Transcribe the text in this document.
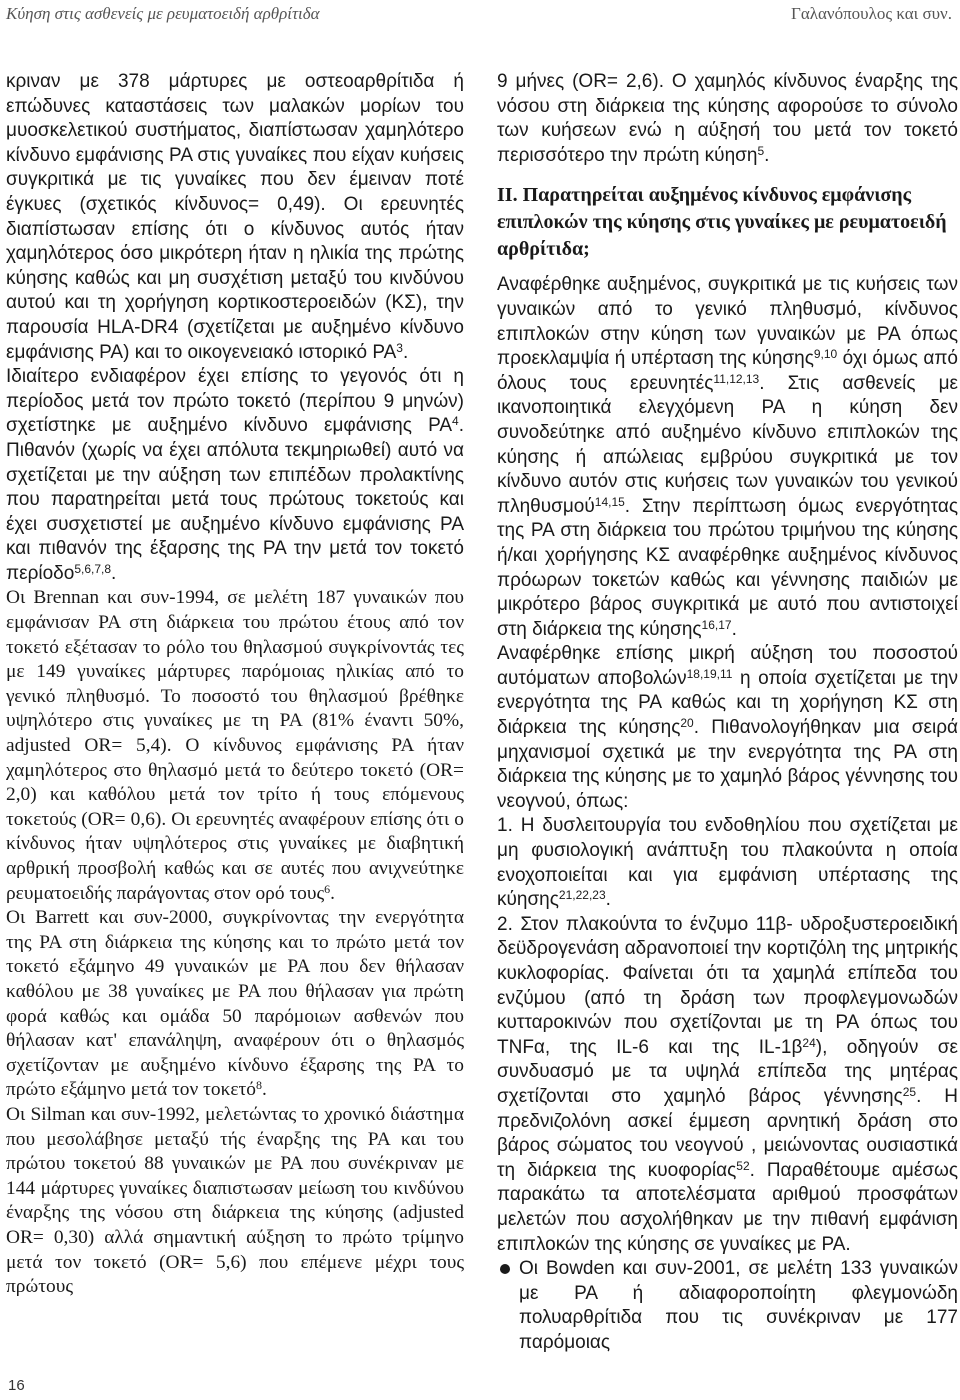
Κύηση στις ασθενείς με ρευματοειδή αρθρίτιδα	Γαλανόπουλος και συν.

κριναν με 378 μάρτυρες με οστεοαρθρίτιδα ή επώδυνες καταστάσεις των μαλακών μορίων του μυοσκελετικού συστήματος, διαπίστωσαν χαμηλότερο κίνδυνο εμφάνισης ΡΑ στις γυναίκες που είχαν κυήσεις συγκριτικά με τις γυναίκες που δεν έμειναν ποτέ έγκυες (σχετικός κίνδυνος= 0,49). Οι ερευνητές διαπίστωσαν επίσης ότι ο κίνδυνος αυτός ήταν χαμηλότερος όσο μικρότερη ήταν η ηλικία της πρώτης κύησης καθώς και μη συσχέτιση μεταξύ του κινδύνου αυτού και τη χορήγηση κορτικοστεροειδών (ΚΣ), την παρουσία HLA-DR4 (σχετίζεται με αυξημένο κίνδυνο εμφάνισης ΡΑ) και το οικογενειακό ιστορικό $PA^3$.

Ιδιαίτερο ενδιαφέρον έχει επίσης το γεγονός ότι η περίοδος μετά τον πρώτο τοκετό (περίπου 9 μηνών) σχετίστηκε με αυξημένο κίνδυνο εμφάνισης $PA^4$. Πιθανόν (χωρίς να έχει απόλυτα τεκμηριωθεί) αυτό να σχετίζεται με την αύξηση των επιπέδων προλακτίνης που παρατηρείται μετά τους πρώτους τοκετούς και έχει συσχετιστεί με αυξημένο κίνδυνο εμφάνισης ΡΑ και πιθανόν της έξαρσης της ΡΑ την μετά τον τοκετό περίοδο$^{5,6,7,8}$.

Οι Brennan και συν-1994, σε μελέτη 187 γυναικών που εμφάνισαν ΡΑ στη διάρκεια του πρώτου έτους από τον τοκετό εξέτασαν το ρόλο του θηλασμού συγκρίνοντάς τες με 149 γυναίκες μάρτυρες παρόμοιας ηλικίας από το γενικό πληθυσμό. Το ποσοστό του θηλασμού βρέθηκε υψηλότερο στις γυναίκες με τη ΡΑ (81% έναντι 50%, adjusted OR= 5,4). Ο κίνδυνος εμφάνισης ΡΑ ήταν χαμηλότερος στο θηλασμό μετά το δεύτερο τοκετό (OR= 2,0) και καθόλου μετά τον τρίτο ή τους επόμενους τοκετούς (OR= 0,6). Οι ερευνητές αναφέρουν επίσης ότι ο κίνδυνος ήταν υψηλότερος στις γυναίκες με διαβητική αρθρική προσβολή καθώς και σε αυτές που ανιχνεύτηκε ρευματοειδής παράγοντας στον ορό τους$^6$.

Οι Barrett και συν-2000, συγκρίνοντας την ενεργότητα της ΡΑ στη διάρκεια της κύησης και το πρώτο μετά τον τοκετό εξάμηνο 49 γυναικών με ΡΑ που δεν θήλασαν καθόλου με 38 γυναίκες με ΡΑ που θήλασαν για πρώτη φορά καθώς και ομάδα 50 παρόμοιων ασθενών που θήλασαν κατ' επανάληψη, αναφέρουν ότι ο θηλασμός σχετίζονταν με αυξημένο κίνδυνο έξαρσης της ΡΑ το πρώτο εξάμηνο μετά τον τοκετό$^8$.

Οι Silman και συν-1992, μελετώντας το χρονικό διάστημα που μεσολάβησε μεταξύ τής έναρξης της ΡΑ και του πρώτου τοκετού 88 γυναικών με ΡΑ που συνέκριναν με 144 μάρτυρες γυναίκες διαπιστωσαν μείωση του κινδύνου έναρξης της νόσου στη διάρκεια της κύησης (adjusted OR= 0,30) αλλά σημαντική αύξηση το πρώτο τρίμηνο μετά τον τοκετό (OR= 5,6) που επέμενε μέχρι τους πρώτους

9 μήνες (OR= 2,6). Ο χαμηλός κίνδυνος έναρξης της νόσου στη διάρκεια της κύησης αφορούσε το σύνολο των κυήσεων ενώ η αύξησή του μετά τον τοκετό περισσότερο την πρώτη κύηση$^5$.

ΙΙ. Παρατηρείται αυξημένος κίνδυνος εμφάνισης επιπλοκών της κύησης στις γυναίκες με ρευματοειδή αρθρίτιδα;

Αναφέρθηκε αυξημένος, συγκριτικά με τις κυήσεις των γυναικών από το γενικό πληθυσμό, κίνδυνος επιπλοκών στην κύηση των γυναικών με ΡΑ όπως προεκλαμψία ή υπέρταση της κύησης$^{9,10}$ όχι όμως από όλους τους ερευνητές$^{11,12,13}$. Στις ασθενείς με ικανοποιητικά ελεγχόμενη ΡΑ η κύηση δεν συνοδεύτηκε από αυξημένο κίνδυνο επιπλοκών της κύησης ή απώλειας εμβρύου συγκριτικά με τον κίνδυνο αυτόν στις κυήσεις των γυναικών του γενικού πληθυσμού$^{14,15}$. Στην περίπτωση όμως ενεργότητας της ΡΑ στη διάρκεια του πρώτου τριμήνου της κύησης ή/και χορήγησης ΚΣ αναφέρθηκε αυξημένος κίνδυνος πρόωρων τοκετών καθώς και γέννησης παιδιών με μικρότερο βάρος συγκριτικά με αυτό που αντιστοιχεί στη διάρκεια της κύησης$^{16,17}$.

Αναφέρθηκε επίσης μικρή αύξηση του ποσοστού αυτόματων αποβολών$^{18,19,11}$ η οποία σχετίζεται με την ενεργότητα της ΡΑ καθώς και τη χορήγηση ΚΣ στη διάρκεια της κύησης$^{20}$. Πιθανολογήθηκαν μια σειρά μηχανισμοί σχετικά με την ενεργότητα της ΡΑ στη διάρκεια της κύησης με το χαμηλό βάρος γέννησης του νεογνού, όπως:

1. Η δυσλειτουργία του ενδοθηλίου που σχετίζεται με μη φυσιολογική ανάπτυξη του πλακούντα η οποία ενοχοποιείται και για εμφάνιση υπέρτασης της κύησης$^{21,22,23}$.

2. Στον πλακούντα το ένζυμο 11β- υδροξυστεροειδική δεϋδρογενάση αδρανοποιεί την κορτιζόλη της μητρικής κυκλοφορίας. Φαίνεται ότι τα χαμηλά επίπεδα του ενζύμου (από τη δράση των προφλεγμονωδών κυτταροκινών που σχετίζονται με τη ΡΑ όπως του TNFα, της IL-6 και της $IL-1\beta^{24}$), οδηγούν σε συνδυασμό με τα υψηλά επίπεδα της μητέρας σχετίζονται στο χαμηλό βάρος γέννησης$^{25}$. Η πρεδνιζολόνη ασκεί έμμεση αρνητική δράση στο βάρος σώματος του νεογνού , μειώνοντας ουσιαστικά τη διάρκεια της κυοφορίας$^{52}$. Παραθέτουμε αμέσως παρακάτω τα αποτελέσματα αριθμού προσφάτων μελετών που ασχολήθηκαν με την πιθανή εμφάνιση επιπλοκών της κύησης σε γυναίκες με ΡΑ.

Οι Bowden και συν-2001, σε μελέτη 133 γυναικών με ΡΑ ή αδιαφοροποίητη φλεγμονώδη πολυαρθρίτιδα που τις συνέκριναν με 177 παρόμοιας

16
